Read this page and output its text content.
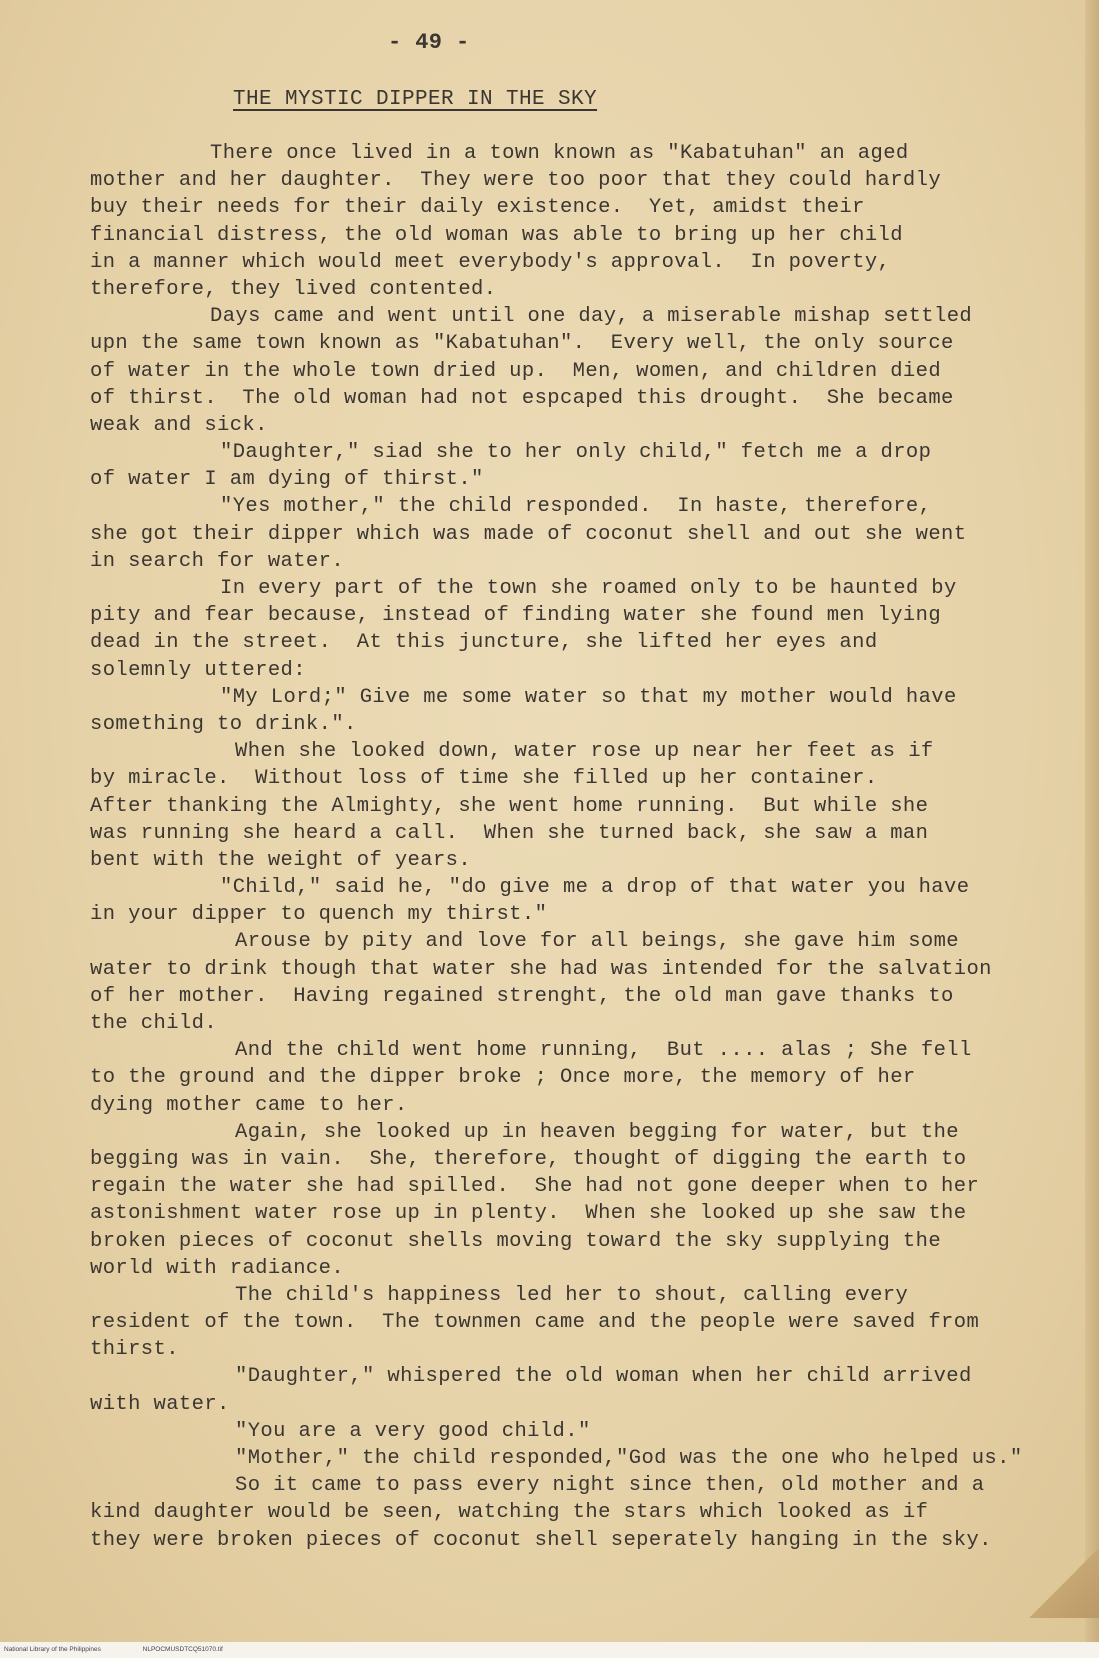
- 49 -
THE MYSTIC DIPPER IN THE SKY
There once lived in a town known as "Kabatuhan" an aged
mother and her daughter.  They were too poor that they could hardly
buy their needs for their daily existence.  Yet, amidst their
financial distress, the old woman was able to bring up her child
in a manner which would meet everybody's approval.  In poverty,
therefore, they lived contented.
Days came and went until one day, a miserable mishap settled
upn the same town known as "Kabatuhan".  Every well, the only source
of water in the whole town dried up.  Men, women, and children died
of thirst.  The old woman had not espcaped this drought.  She became
weak and sick.
"Daughter," siad she to her only child," fetch me a drop
of water I am dying of thirst."
"Yes mother," the child responded.  In haste, therefore,
she got their dipper which was made of coconut shell and out she went
in search for water.
In every part of the town she roamed only to be haunted by
pity and fear because, instead of finding water she found men lying
dead in the street.  At this juncture, she lifted her eyes and
solemnly uttered:
"My Lord;" Give me some water so that my mother would have
something to drink.".
When she looked down, water rose up near her feet as if
by miracle.  Without loss of time she filled up her container.
After thanking the Almighty, she went home running.  But while she
was running she heard a call.  When she turned back, she saw a man
bent with the weight of years.
"Child," said he, "do give me a drop of that water you have
in your dipper to quench my thirst."
Arouse by pity and love for all beings, she gave him some
water to drink though that water she had was intended for the salvation
of her mother.  Having regained strenght, the old man gave thanks to
the child.
And the child went home running,  But .... alas ; She fell
to the ground and the dipper broke ; Once more, the memory of her
dying mother came to her.
Again, she looked up in heaven begging for water, but the
begging was in vain.  She, therefore, thought of digging the earth to
regain the water she had spilled.  She had not gone deeper when to her
astonishment water rose up in plenty.  When she looked up she saw the
broken pieces of coconut shells moving toward the sky supplying the
world with radiance.
The child's happiness led her to shout, calling every
resident of the town.  The townmen came and the people were saved from
thirst.
"Daughter," whispered the old woman when her child arrived
with water.
"You are a very good child."
"Mother," the child responded,"God was the one who helped us."
So it came to pass every night since then, old mother and a
kind daughter would be seen, watching the stars which looked as if
they were broken pieces of coconut shell seperately hanging in the sky.
National Library of the Philippines	NLPOCMUSDTCQ51070.tif
